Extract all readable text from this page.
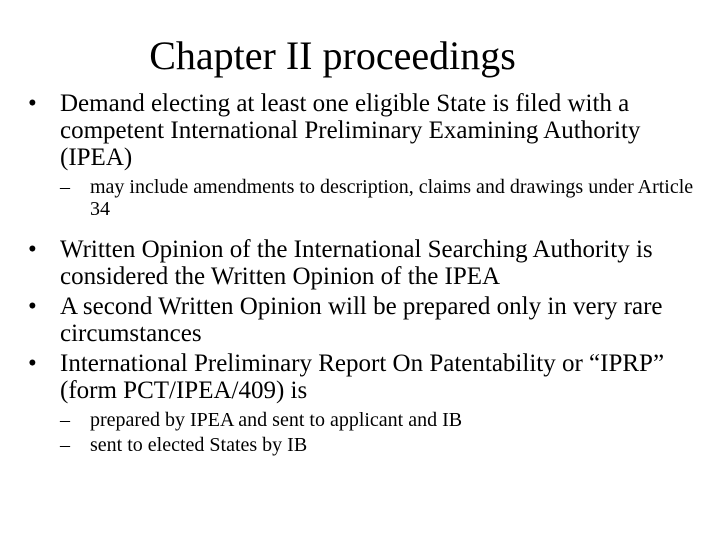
Chapter II proceedings
• Demand electing at least one eligible State is filed with a competent International Preliminary Examining Authority (IPEA)
– may include amendments to description, claims and drawings under Article 34
• Written Opinion of the International Searching Authority is considered the Written Opinion of the IPEA
• A second Written Opinion will be prepared only in very rare circumstances
• International Preliminary Report On Patentability or “IPRP” (form PCT/IPEA/409) is
– prepared by IPEA and sent to applicant and IB
– sent to elected States by IB
